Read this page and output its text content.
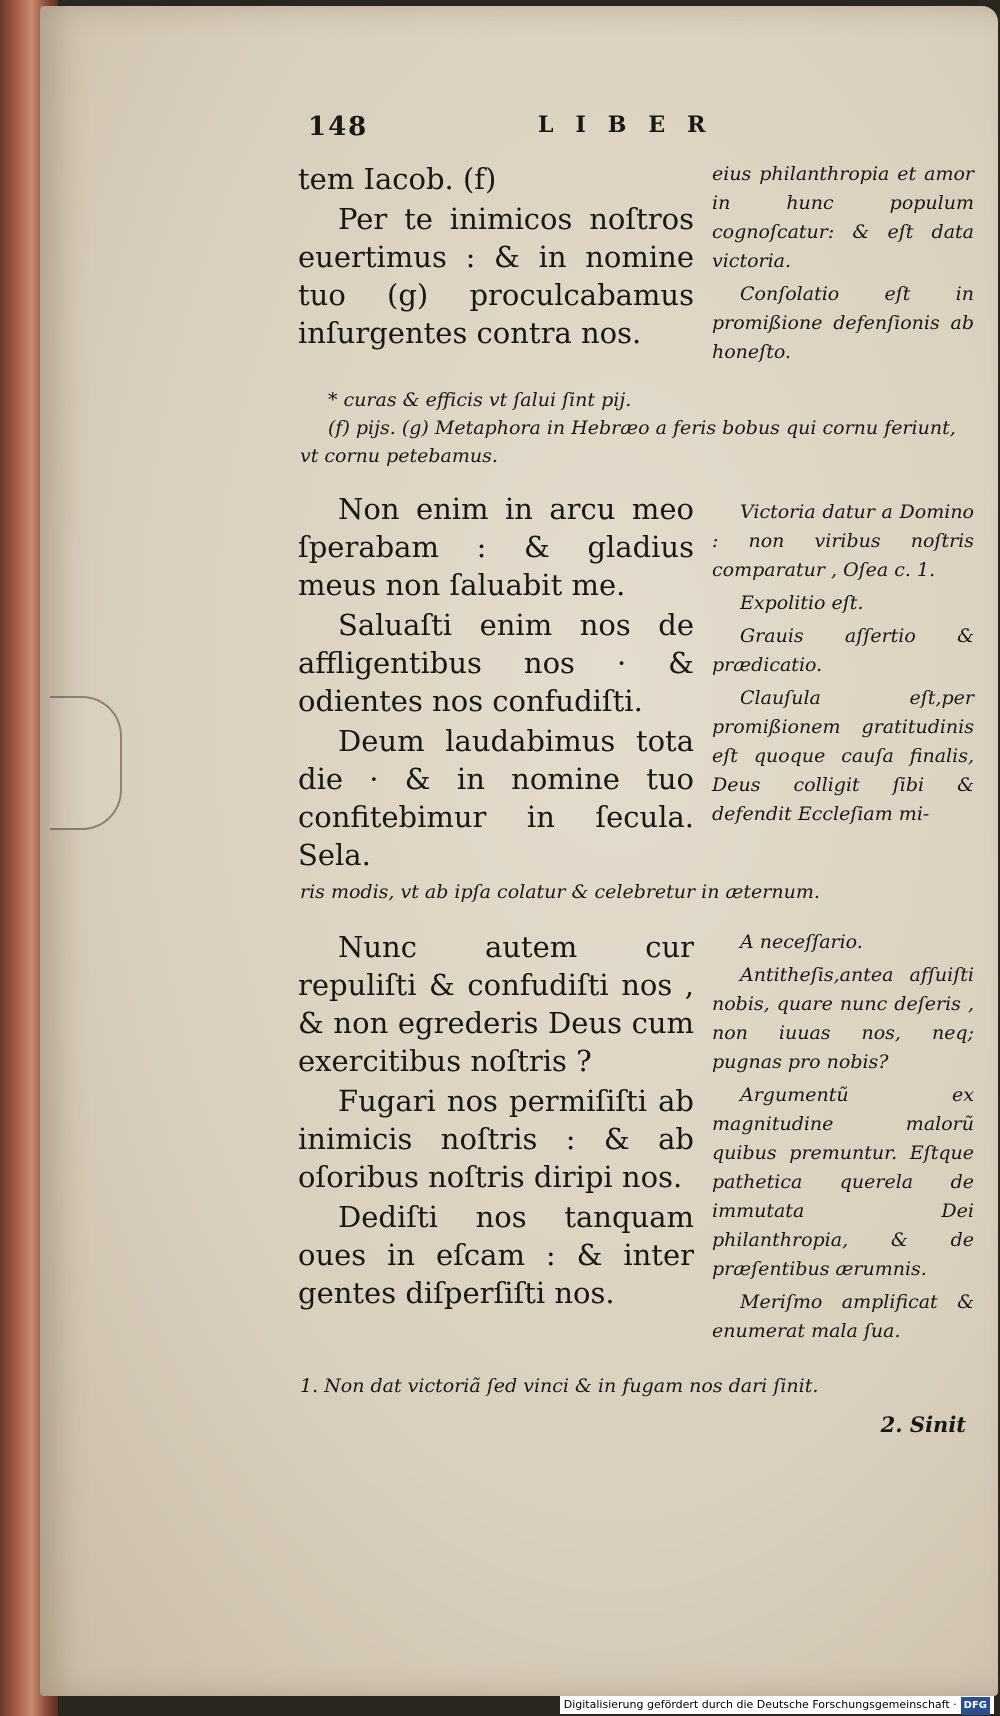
148	LIBER

tem Iacob. (f)

Per te inimicos noſtros euertimus : & in nomine tuo (g) proculcabamus inſurgentes contra nos.

eius philanthropia et amor in hunc populum cognoſcatur: & eſt data victoria.

Conſolatio eſt in promißione defenſionis ab honeſto.

* curas & efficis vt ſalui ſint pij.

(f) pijs. (g) Metaphora in Hebræo a feris bobus qui cornu feriunt, vt cornu petebamus.

Non enim in arcu meo ſperabam : & gladius meus non ſaluabit me.

Saluaſti enim nos de affligentibus nos · & odientes nos confudiſti.

Deum laudabimus tota die · & in nomine tuo confitebimur in ſecula. Sela.

Victoria datur a Domino : non viribus noſtris comparatur , Oſea c. 1.

Expolitio eſt.

Grauis aſſertio & prædicatio.

Clauſula eſt,per promißionem gratitudinis eſt quoque cauſa finalis, Deus colligit ſibi & defendit Eccleſiam mi-

ris modis, vt ab ipſa colatur & celebretur in æternum.

Nunc autem cur repuliſti & confudiſti nos , & non egrederis Deus cum exercitibus noſtris ?

Fugari nos permiſiſti ab inimicis noſtris : & ab oſoribus noſtris diripi nos.

Dediſti nos tanquam oues in eſcam : & inter gentes diſperſiſti nos.

A neceſſario.

Antitheſis,antea afſuiſti nobis, quare nunc deſeris , non iuuas nos, neq; pugnas pro nobis?

Argumentũ ex magnitudine malorũ quibus premuntur. Eſtque pathetica querela de immutata Dei philanthropia, & de præſentibus ærumnis.

Meriſmo amplificat & enumerat mala ſua.

1. Non dat victoriã ſed vinci & in fugam nos dari ſinit.

2. Sinit
Digitalisierung gefördert durch die Deutsche Forschungsgemeinschaft · DFG
